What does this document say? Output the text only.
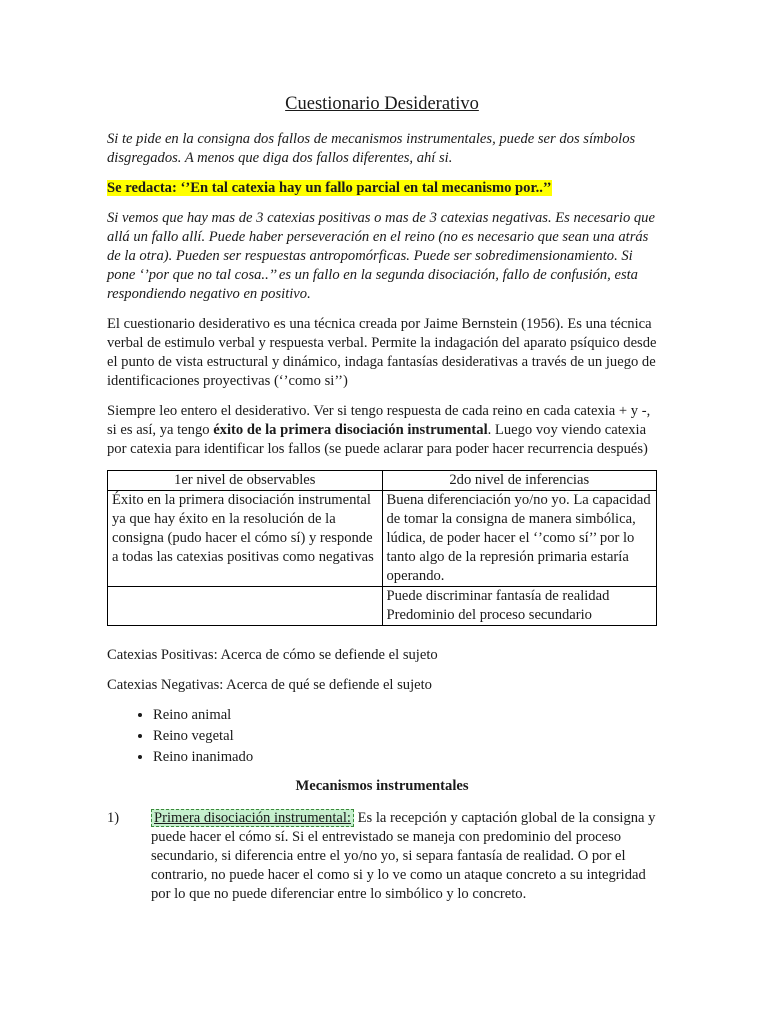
Cuestionario Desiderativo

Si te pide en la consigna dos fallos de mecanismos instrumentales, puede ser dos símbolos disgregados. A menos que diga dos fallos diferentes, ahí si.

Se redacta: ‘’En tal catexia hay un fallo parcial en tal mecanismo por..’’

Si vemos que hay mas de 3 catexias positivas o mas de 3 catexias negativas. Es necesario que allá un fallo allí. Puede haber perseveración en el reino (no es necesario que sean una atrás de la otra). Pueden ser respuestas antropomórficas. Puede ser sobredimensionamiento. Si pone ‘’por que no tal cosa..’’ es un fallo en la segunda disociación, fallo de confusión, esta respondiendo negativo en positivo.

El cuestionario desiderativo es una técnica creada por Jaime Bernstein (1956). Es una técnica verbal de estimulo verbal y respuesta verbal. Permite la indagación del aparato psíquico desde el punto de vista estructural y dinámico, indaga fantasías desiderativas a través de un juego de identificaciones proyectivas (‘’como si’’)

Siempre leo entero el desiderativo. Ver si tengo respuesta de cada reino en cada catexia + y -, si es así, ya tengo éxito de la primera disociación instrumental. Luego voy viendo catexia por catexia para identificar los fallos (se puede aclarar para poder hacer recurrencia después)

1er nivel de observables	2do nivel de inferencias
Éxito en la primera disociación instrumental ya que hay éxito en la resolución de la consigna (pudo hacer el cómo sí) y responde a todas las catexias positivas como negativas	Buena diferenciación yo/no yo. La capacidad de tomar la consigna de manera simbólica, lúdica, de poder hacer el ‘’como sí’’ por lo tanto algo de la represión primaria estaría operando.
	Puede discriminar fantasía de realidad Predominio del proceso secundario

Catexias Positivas: Acerca de cómo se defiende el sujeto

Catexias Negativas: Acerca de qué se defiende el sujeto

• Reino animal
• Reino vegetal
• Reino inanimado
Mecanismos instrumentales
1) Primera disociación instrumental: Es la recepción y captación global de la consigna y puede hacer el cómo sí. Si el entrevistado se maneja con predominio del proceso secundario, si diferencia entre el yo/no yo, si separa fantasía de realidad. O por el contrario, no puede hacer el como si y lo ve como un ataque concreto a su integridad por lo que no puede diferenciar entre lo simbólico y lo concreto.
